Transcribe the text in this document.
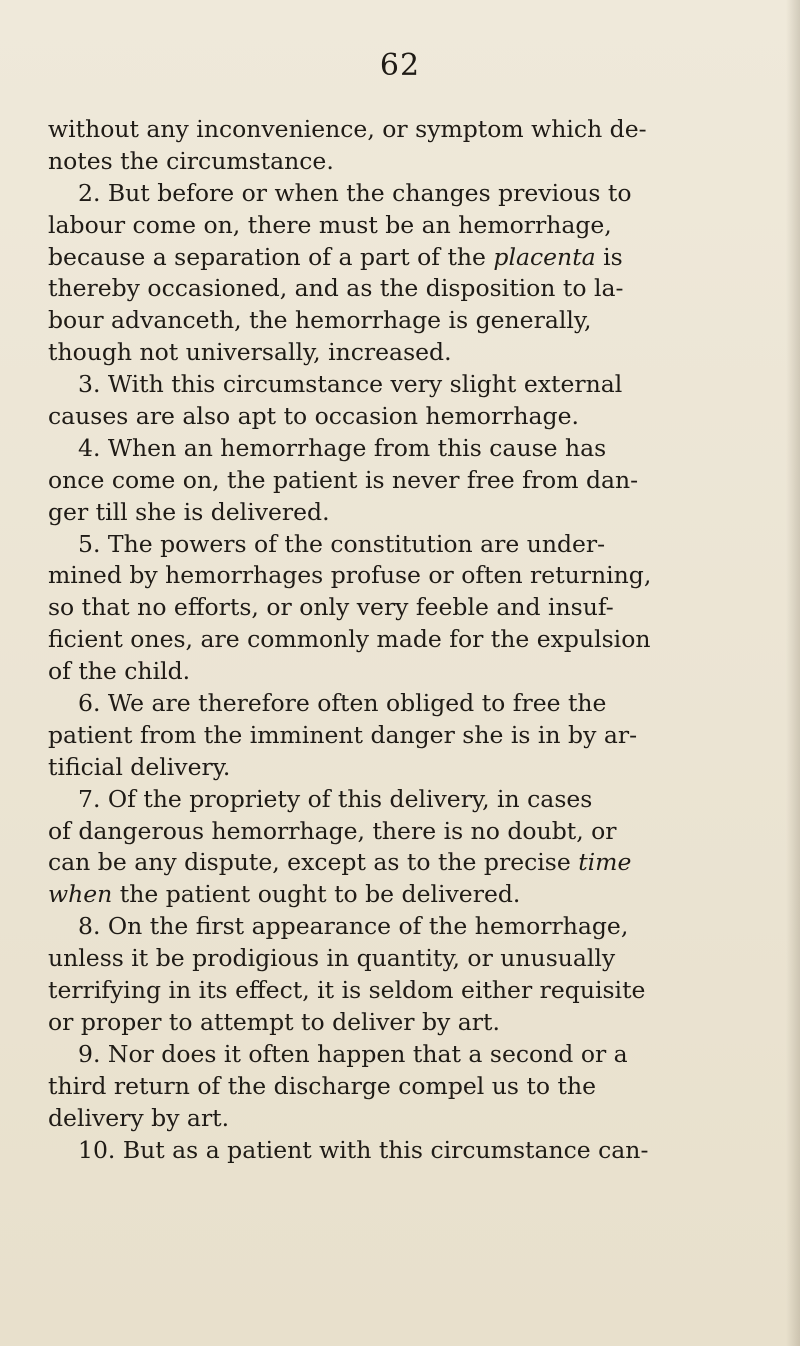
62
without any inconvenience, or symptom which de-
notes the circumstance.
2. But before or when the changes previous to
labour come on, there must be an hemorrhage,
because a separation of a part of the placenta is
thereby occasioned, and as the disposition to la-
bour advanceth, the hemorrhage is generally,
though not universally, increased.
3. With this circumstance very slight external
causes are also apt to occasion hemorrhage.
4. When an hemorrhage from this cause has
once come on, the patient is never free from dan-
ger till she is delivered.
5. The powers of the constitution are under-
mined by hemorrhages profuse or often returning,
so that no efforts, or only very feeble and insuf-
ficient ones, are commonly made for the expulsion
of the child.
6. We are therefore often obliged to free the
patient from the imminent danger she is in by ar-
tificial delivery.
7. Of the propriety of this delivery, in cases
of dangerous hemorrhage, there is no doubt, or
can be any dispute, except as to the precise time
when the patient ought to be delivered.
8. On the first appearance of the hemorrhage,
unless it be prodigious in quantity, or unusually
terrifying in its effect, it is seldom either requisite
or proper to attempt to deliver by art.
9. Nor does it often happen that a second or a
third return of the discharge compel us to the
delivery by art.
10. But as a patient with this circumstance can-
